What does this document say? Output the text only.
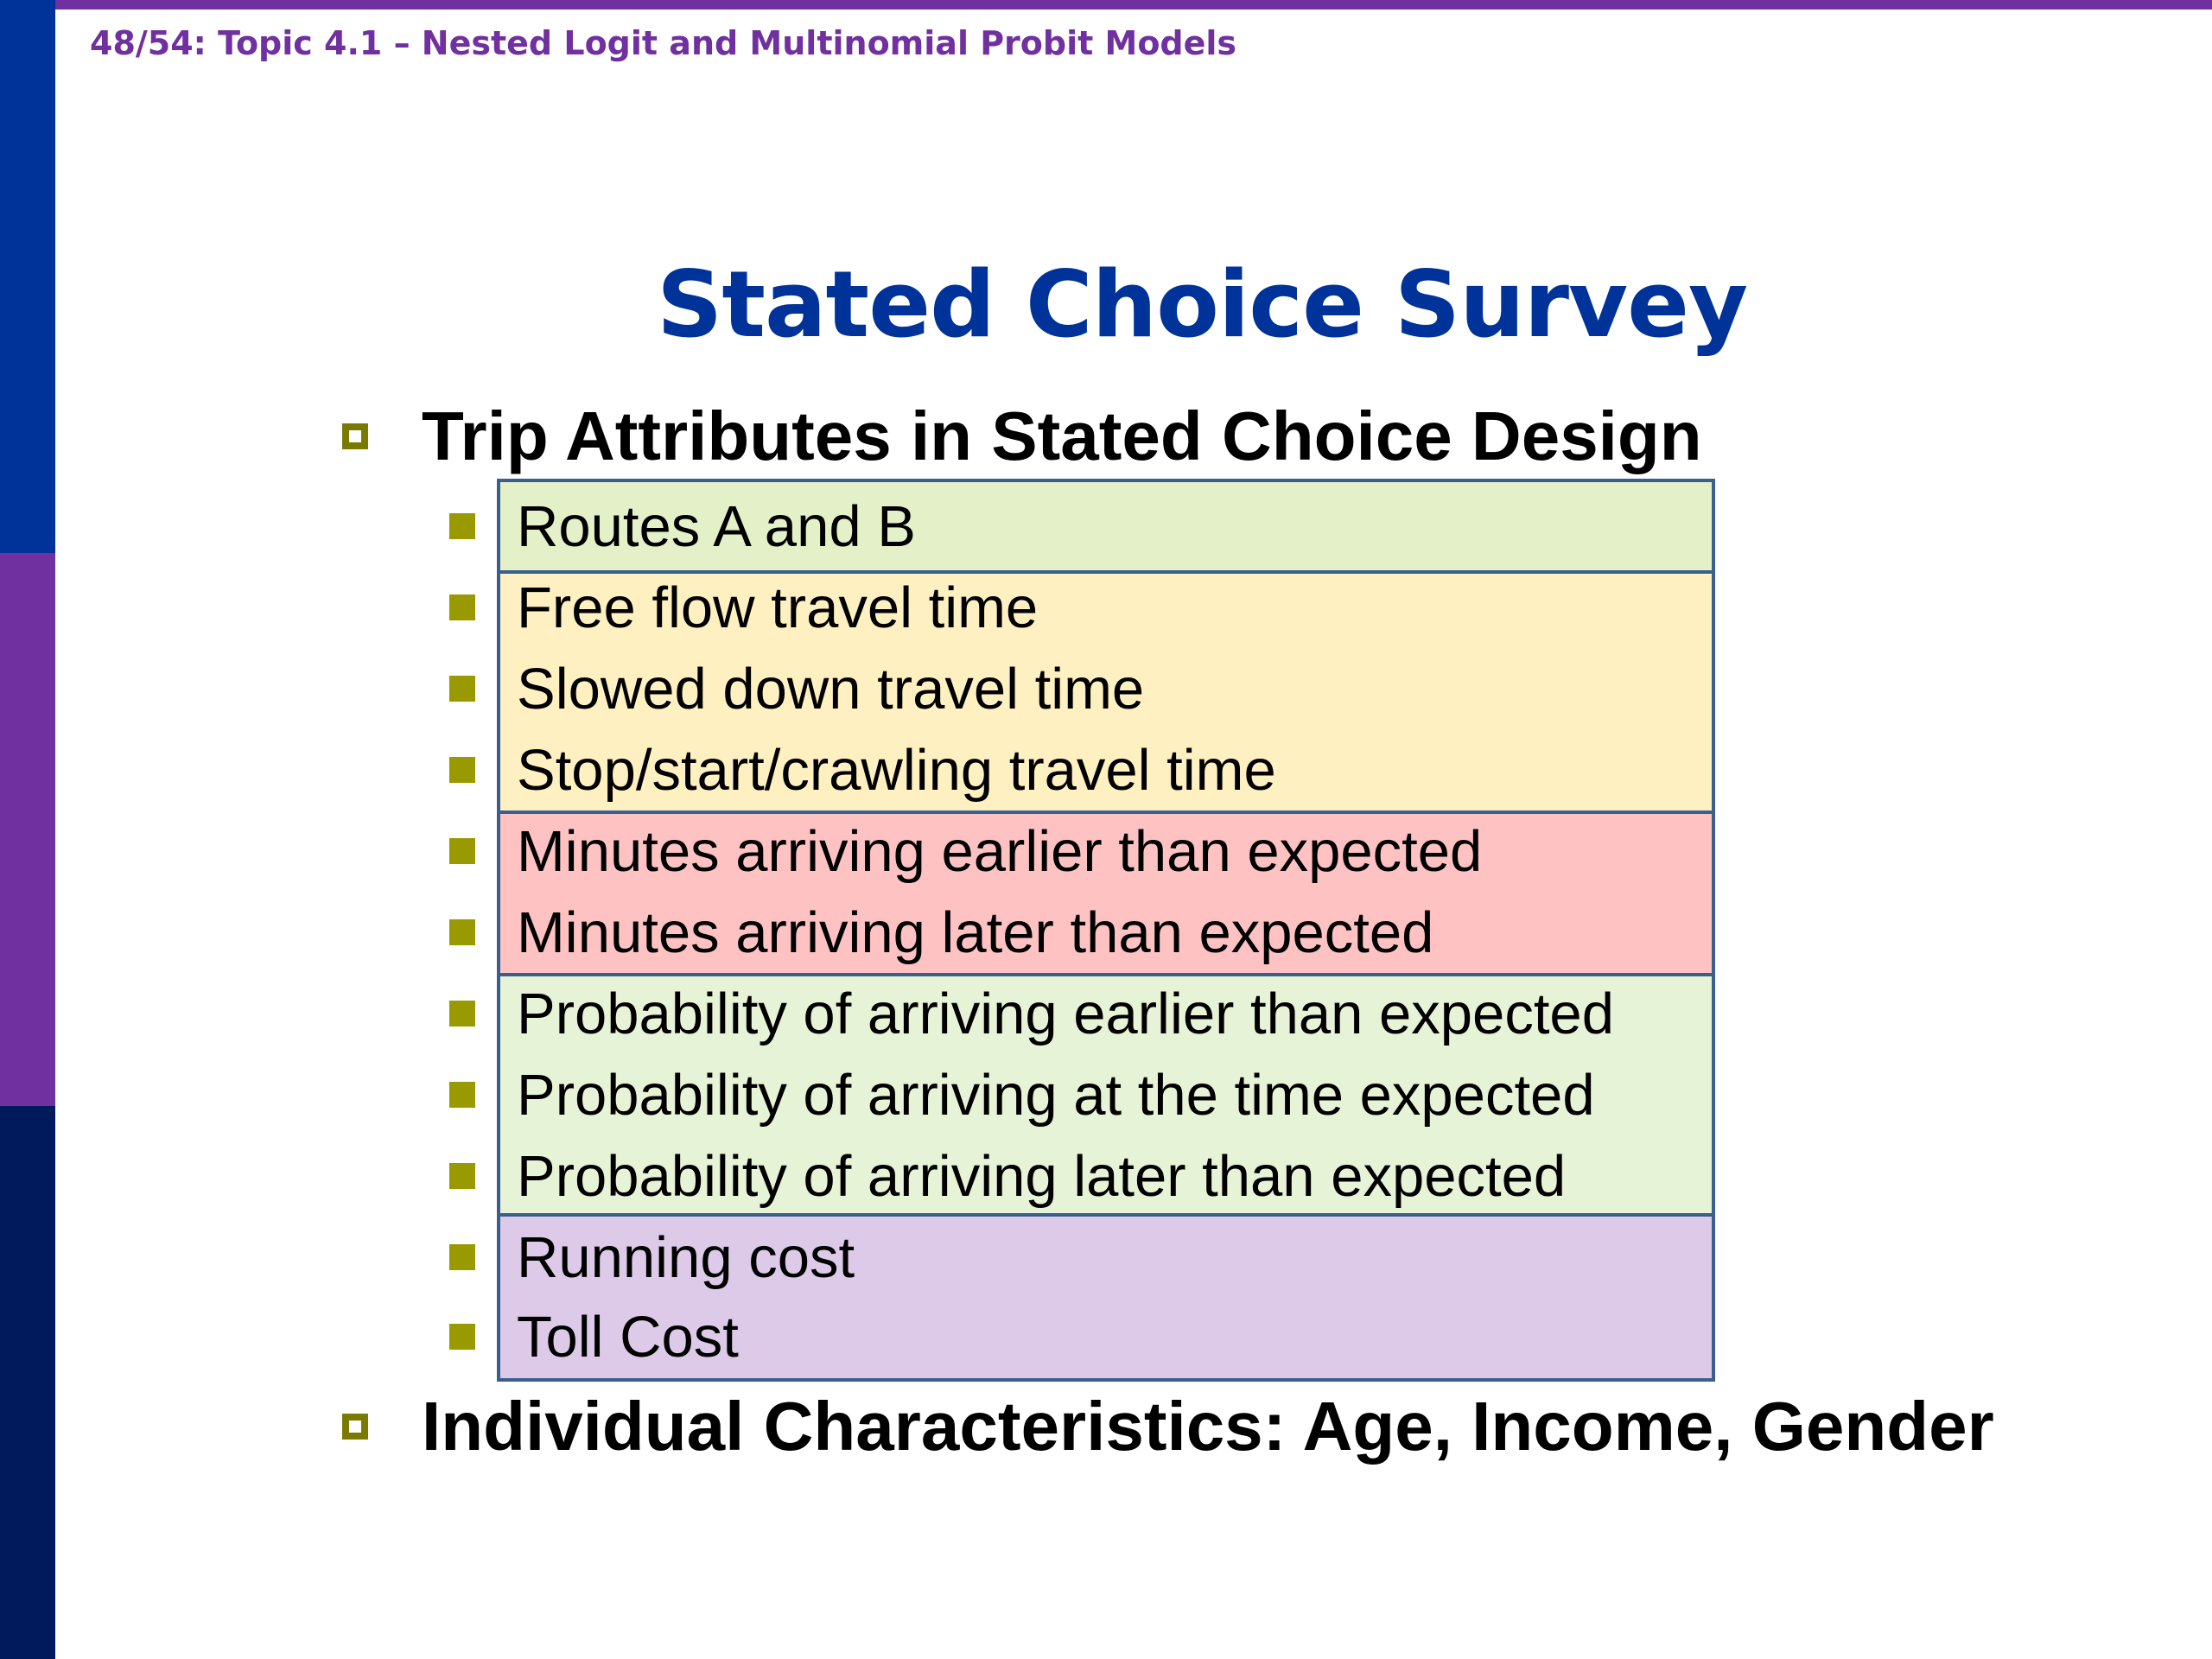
48/54: Topic 4.1 – Nested Logit and Multinomial Probit Models

Stated Choice Survey
Trip Attributes in Stated Choice Design
Routes A and B
Free flow travel time
Slowed down travel time
Stop/start/crawling travel time
Minutes arriving earlier than expected
Minutes arriving later than expected
Probability of arriving earlier than expected
Probability of arriving at the time expected
Probability of arriving later than expected
Running cost
Toll Cost
Individual Characteristics: Age, Income, Gender
